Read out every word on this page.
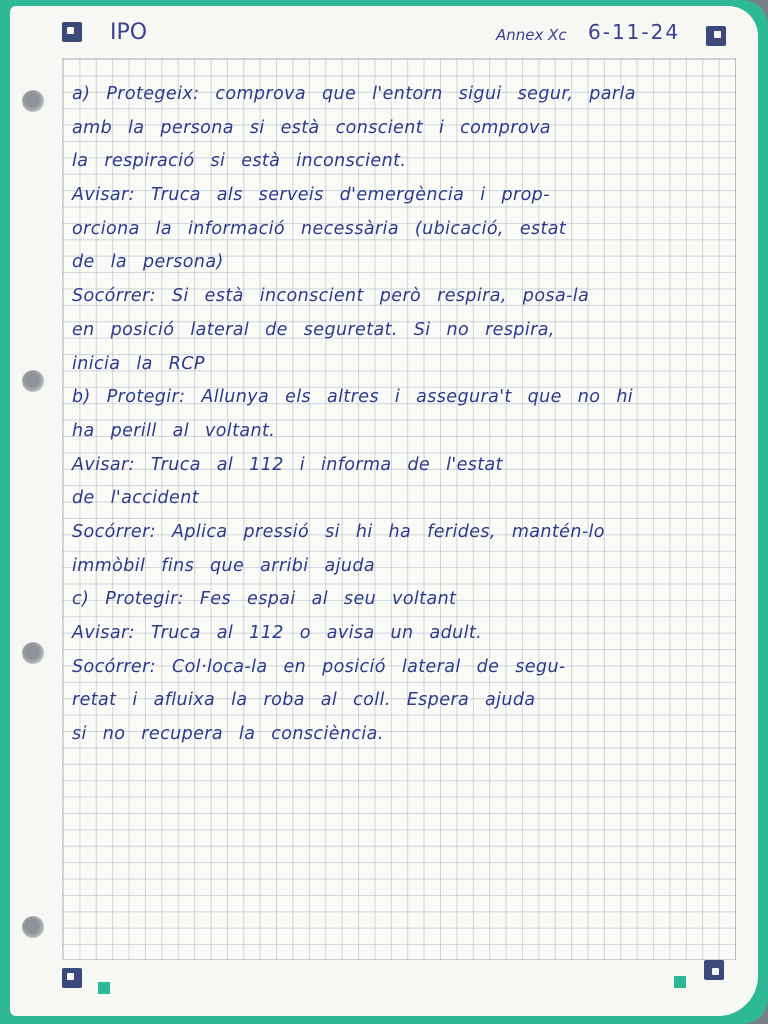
IPO	Annex Xc 6-11-24
a) Protegeix: comprova que l'entorn sigui segur, parla
amb la persona si està conscient i comprova
la respiració si està inconscient.
Avisar: Truca als serveis d'emergència i prop-
orciona la informació necessària (ubicació, estat
de la persona)
Socórrer: Si està inconscient però respira, posa-la
en posició lateral de seguretat. Si no respira,
inicia la RCP
b) Protegir: Allunya els altres i assegura't que no hi
ha perill al voltant.
Avisar: Truca al 112 i informa de l'estat
de l'accident
Socórrer: Aplica pressió si hi ha ferides, mantén-lo
immòbil fins que arribi ajuda
c) Protegir: Fes espai al seu voltant
Avisar: Truca al 112 o avisa un adult.
Socórrer: Col·loca-la en posició lateral de segu-
retat i afluixa la roba al coll. Espera ajuda
si no recupera la consciència.
